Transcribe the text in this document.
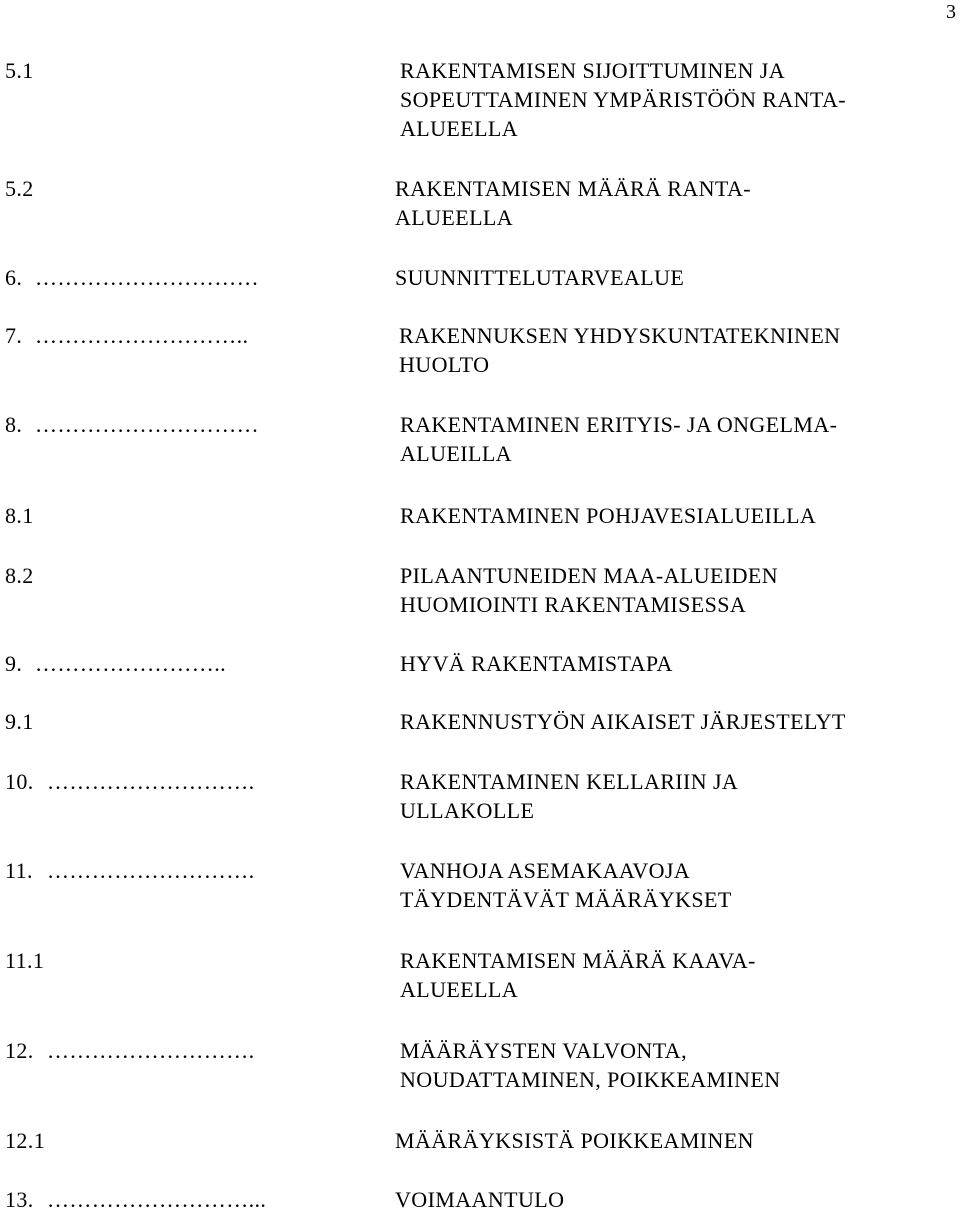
3
5.1	RAKENTAMISEN SIJOITTUMINEN JA
SOPEUTTAMINEN YMPÄRISTÖÖN RANTA-
ALUEELLA
5.2	RAKENTAMISEN MÄÄRÄ RANTA-
ALUEELLA
6. …………………………	SUUNNITTELUTARVEALUE
7. ………………………..	RAKENNUKSEN YHDYSKUNTATEKNINEN
HUOLTO
8. …………………………	RAKENTAMINEN ERITYIS- JA ONGELMA-
ALUEILLA
8.1	RAKENTAMINEN POHJAVESIALUEILLA
8.2	PILAANTUNEIDEN MAA-ALUEIDEN
HUOMIOINTI RAKENTAMISESSA
9. ……………………..	HYVÄ RAKENTAMISTAPA
9.1	RAKENNUSTYÖN AIKAISET JÄRJESTELYT
10. ……………………….	RAKENTAMINEN KELLARIIN JA
ULLAKOLLE
11. ……………………….	VANHOJA ASEMAKAAVOJA
TÄYDENTÄVÄT MÄÄRÄYKSET
11.1	RAKENTAMISEN MÄÄRÄ KAAVA-
ALUEELLA
12. ……………………….	MÄÄRÄYSTEN VALVONTA,
NOUDATTAMINEN, POIKKEAMINEN
12.1	MÄÄRÄYKSISTÄ POIKKEAMINEN
13. ………………………...	VOIMAANTULO
